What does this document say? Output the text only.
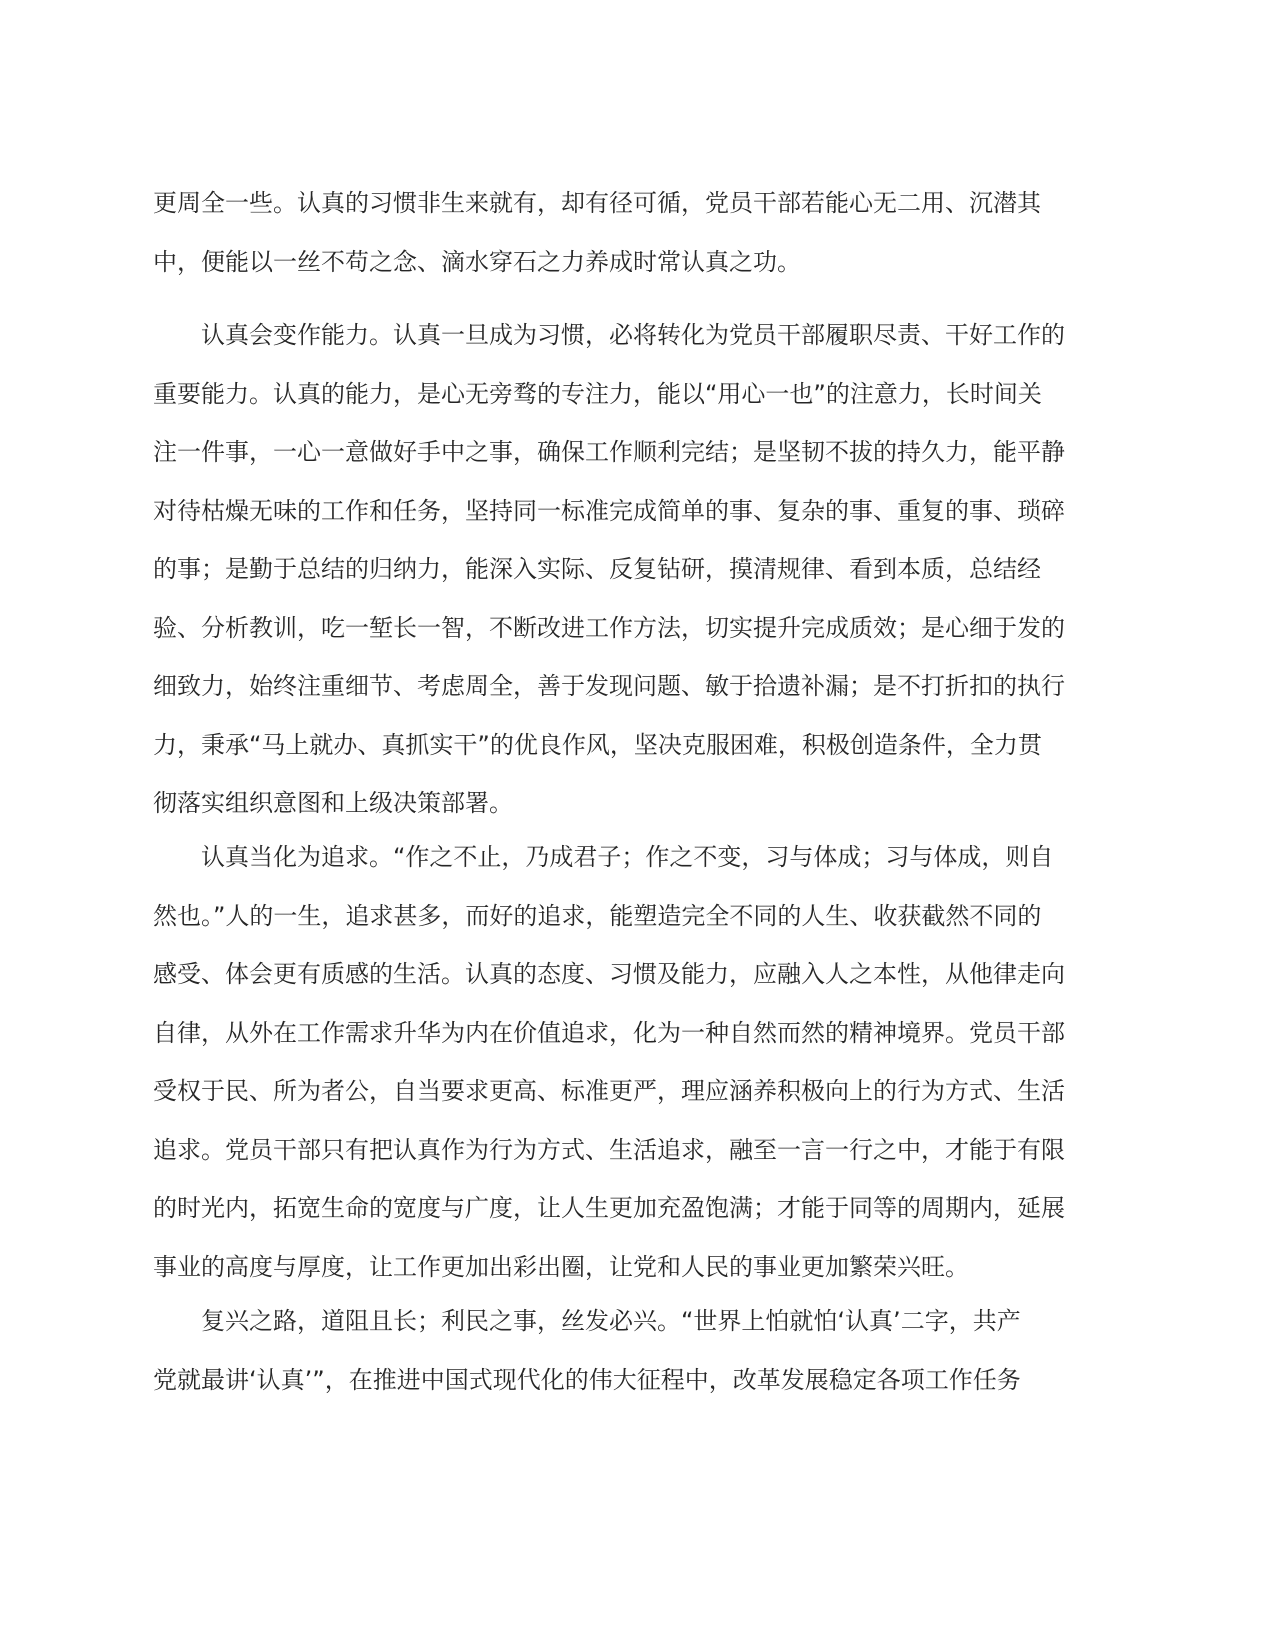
更周全一些。认真的习惯非生来就有，却有径可循，党员干部若能心无二用、沉潜其
中，便能以一丝不苟之念、滴水穿石之力养成时常认真之功。
认真会变作能力。认真一旦成为习惯，必将转化为党员干部履职尽责、干好工作的
重要能力。认真的能力，是心无旁骛的专注力，能以“用心一也”的注意力，长时间关
注一件事，一心一意做好手中之事，确保工作顺利完结；是坚韧不拔的持久力，能平静
对待枯燥无味的工作和任务，坚持同一标准完成简单的事、复杂的事、重复的事、琐碎
的事；是勤于总结的归纳力，能深入实际、反复钻研，摸清规律、看到本质，总结经
验、分析教训，吃一堑长一智，不断改进工作方法，切实提升完成质效；是心细于发的
细致力，始终注重细节、考虑周全，善于发现问题、敏于拾遗补漏；是不打折扣的执行
力，秉承“马上就办、真抓实干”的优良作风，坚决克服困难，积极创造条件，全力贯
彻落实组织意图和上级决策部署。
认真当化为追求。“作之不止，乃成君子；作之不变，习与体成；习与体成，则自
然也。”人的一生，追求甚多，而好的追求，能塑造完全不同的人生、收获截然不同的
感受、体会更有质感的生活。认真的态度、习惯及能力，应融入人之本性，从他律走向
自律，从外在工作需求升华为内在价值追求，化为一种自然而然的精神境界。党员干部
受权于民、所为者公，自当要求更高、标准更严，理应涵养积极向上的行为方式、生活
追求。党员干部只有把认真作为行为方式、生活追求，融至一言一行之中，才能于有限
的时光内，拓宽生命的宽度与广度，让人生更加充盈饱满；才能于同等的周期内，延展
事业的高度与厚度，让工作更加出彩出圈，让党和人民的事业更加繁荣兴旺。
复兴之路，道阻且长；利民之事，丝发必兴。“世界上怕就怕‘认真’二字，共产
党就最讲‘认真’”，在推进中国式现代化的伟大征程中，改革发展稳定各项工作任务
